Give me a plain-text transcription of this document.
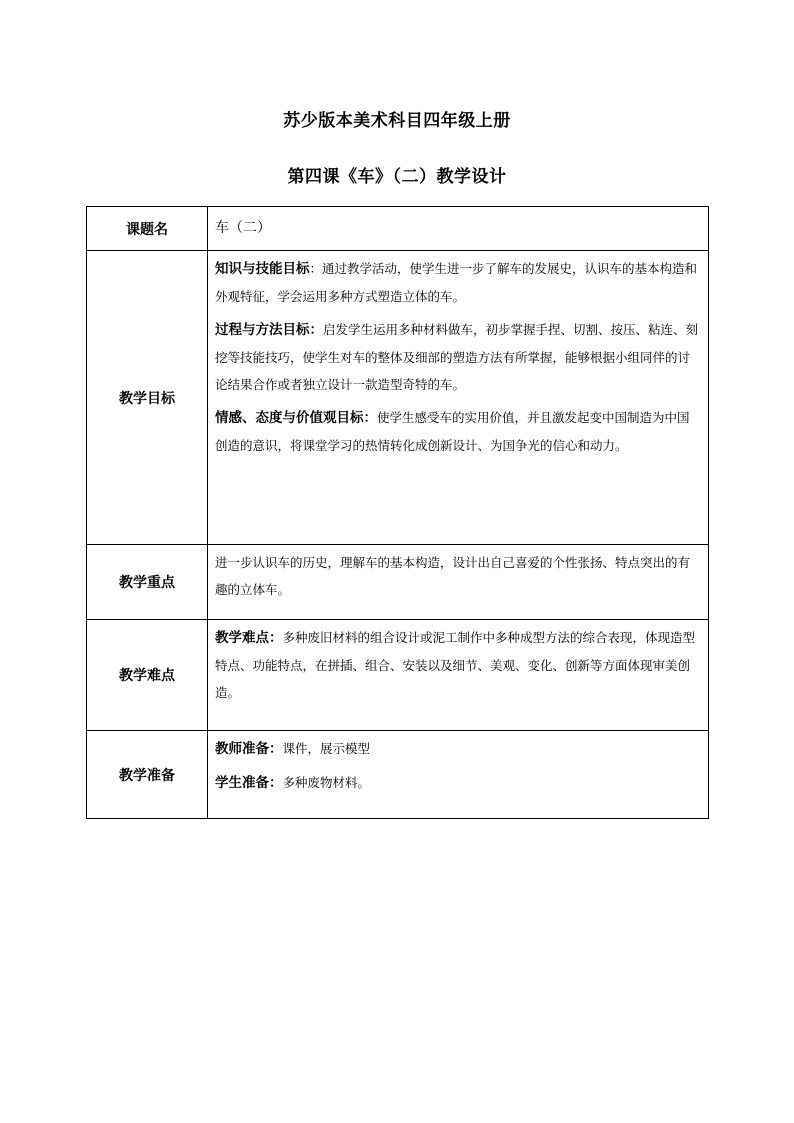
苏少版本美术科目四年级上册
第四课《车》（二）教学设计
课题名	车（二）
教学目标	知识与技能目标：通过教学活动，使学生进一步了解车的发展史，认识车的基本构造和外观特征，学会运用多种方式塑造立体的车。

过程与方法目标：启发学生运用多种材料做车，初步掌握手捏、切割、按压、粘连、刻挖等技能技巧，使学生对车的整体及细部的塑造方法有所掌握，能够根据小组同伴的讨论结果合作或者独立设计一款造型奇特的车。

情感、态度与价值观目标：使学生感受车的实用价值，并且激发起变中国制造为中国创造的意识，将课堂学习的热情转化成创新设计、为国争光的信心和动力。

教学重点	进一步认识车的历史，理解车的基本构造，设计出自己喜爱的个性张扬、特点突出的有趣的立体车。

教学难点	教学难点：多种废旧材料的组合设计或泥工制作中多种成型方法的综合表现，体现造型特点、功能特点，在拼插、组合、安装以及细节、美观、变化、创新等方面体现审美创造。

教学准备	教师准备：课件，展示模型

学生准备：多种废物材料。
